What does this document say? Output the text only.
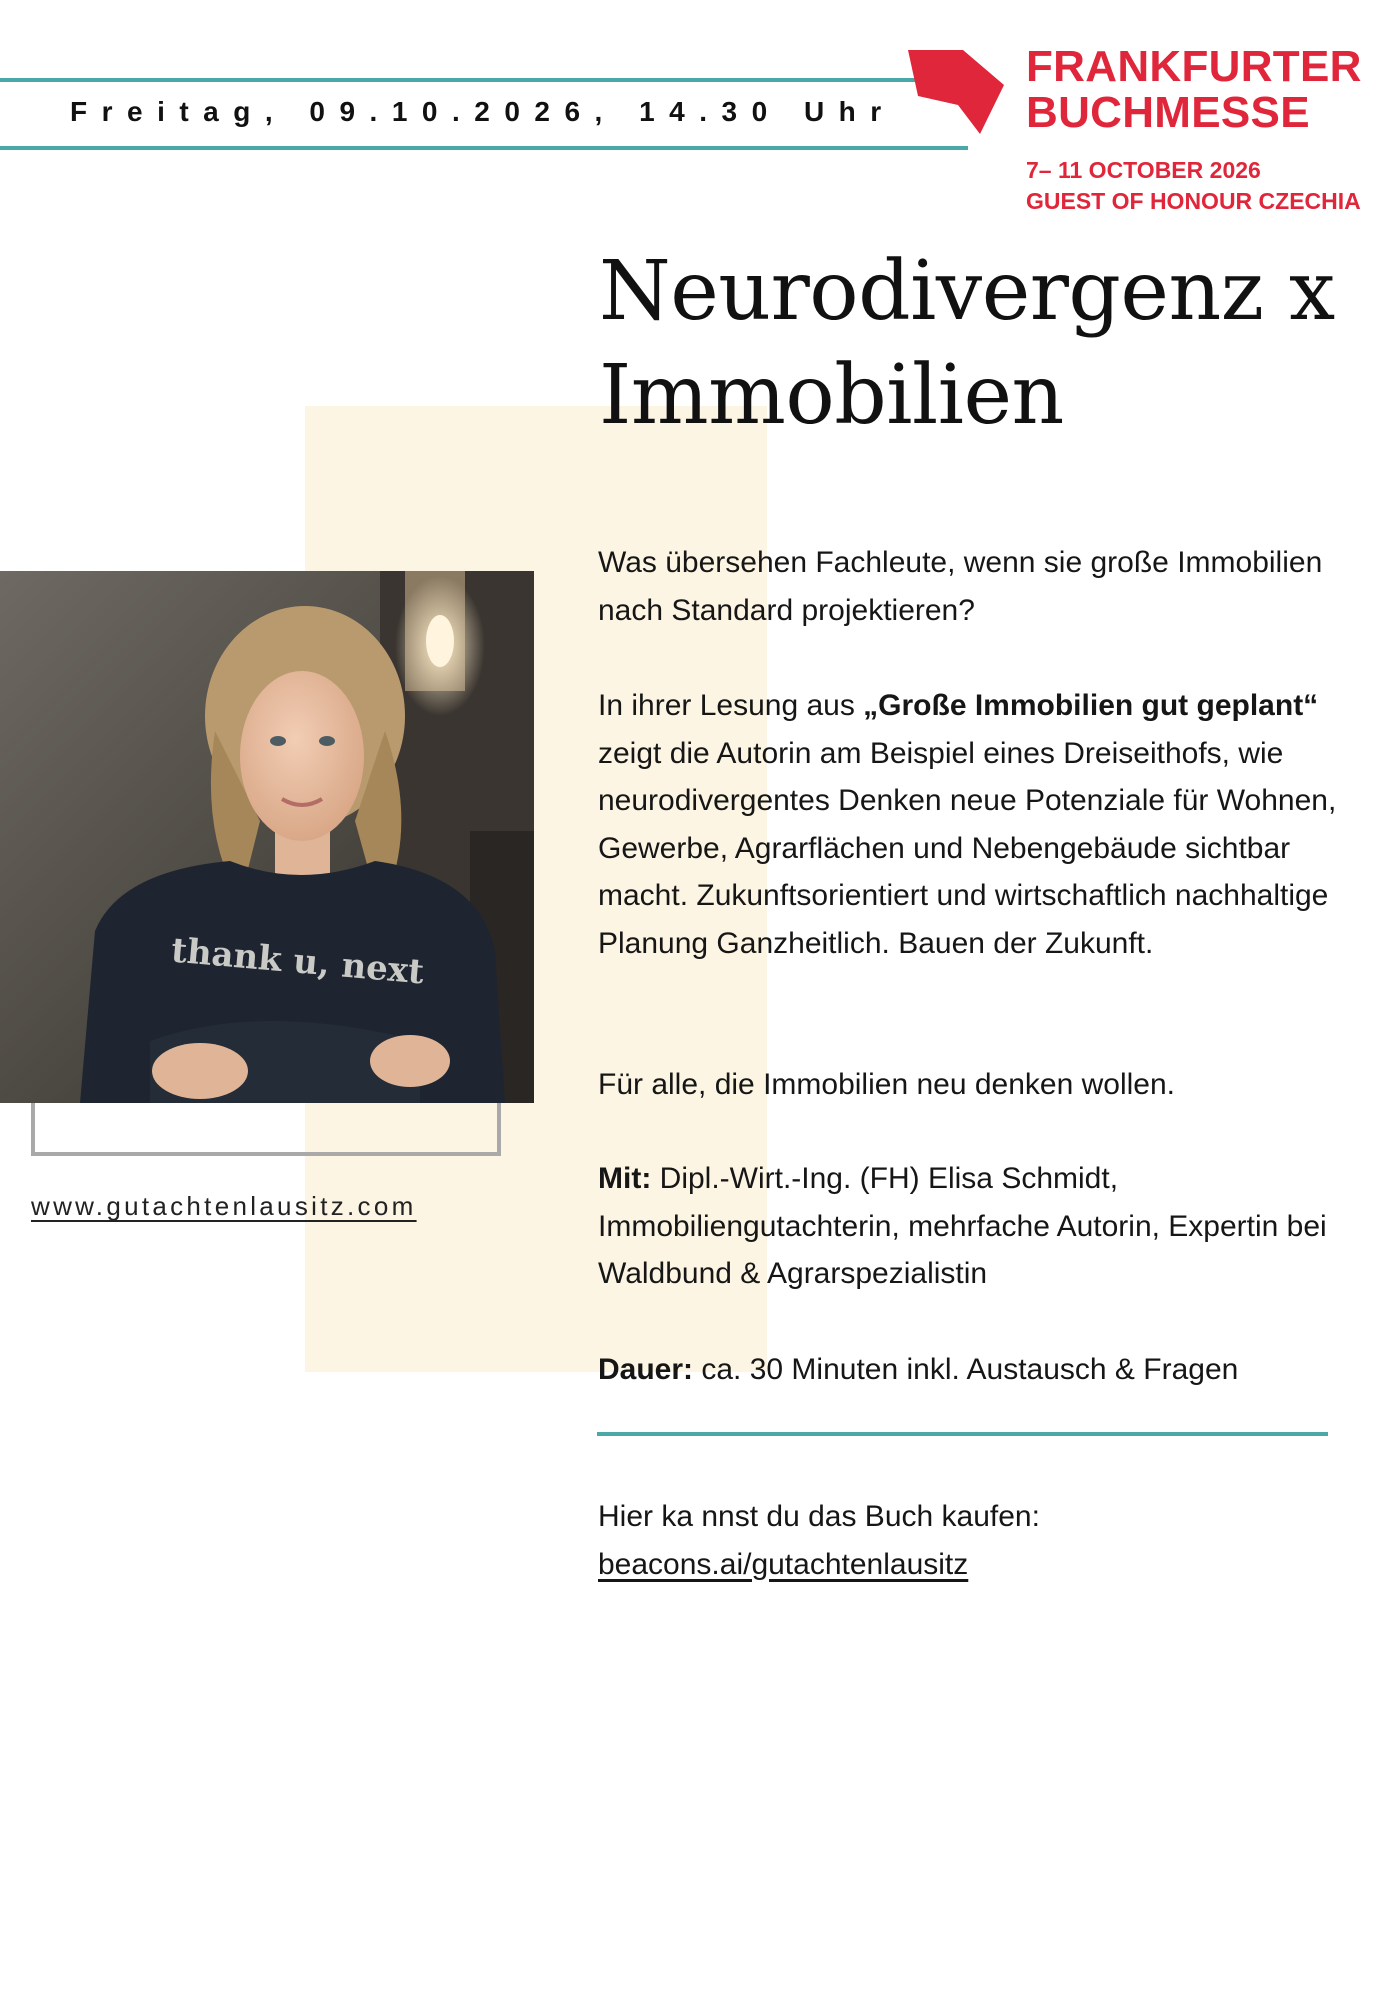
Freitag, 09.10.2026, 14.30 Uhr
FRANKFURTER
BUCHMESSE
7– 11 OCTOBER 2026
GUEST OF HONOUR CZECHIA
Neurodivergenz x
Immobilien
thank u, next
www.gutachtenlausitz.com

Was übersehen Fachleute, wenn sie große Immobilien nach Standard projektieren?

In ihrer Lesung aus „Große Immobilien gut geplant“ zeigt die Autorin am Beispiel eines Dreiseithofs, wie neurodivergentes Denken neue Potenziale für Wohnen, Gewerbe, Agrarflächen und Nebengebäude sichtbar macht. Zukunftsorientiert und wirtschaftlich nachhaltige Planung Ganzheitlich. Bauen der Zukunft.

Für alle, die Immobilien neu denken wollen.

Mit: Dipl.-Wirt.-Ing. (FH) Elisa Schmidt, Immobiliengutachterin, mehrfache Autorin, Expertin bei Waldbund & Agrarspezialistin

Dauer: ca. 30 Minuten inkl. Austausch & Fragen

Hier ka nnst du das Buch kaufen:
beacons.ai/gutachtenlausitz
